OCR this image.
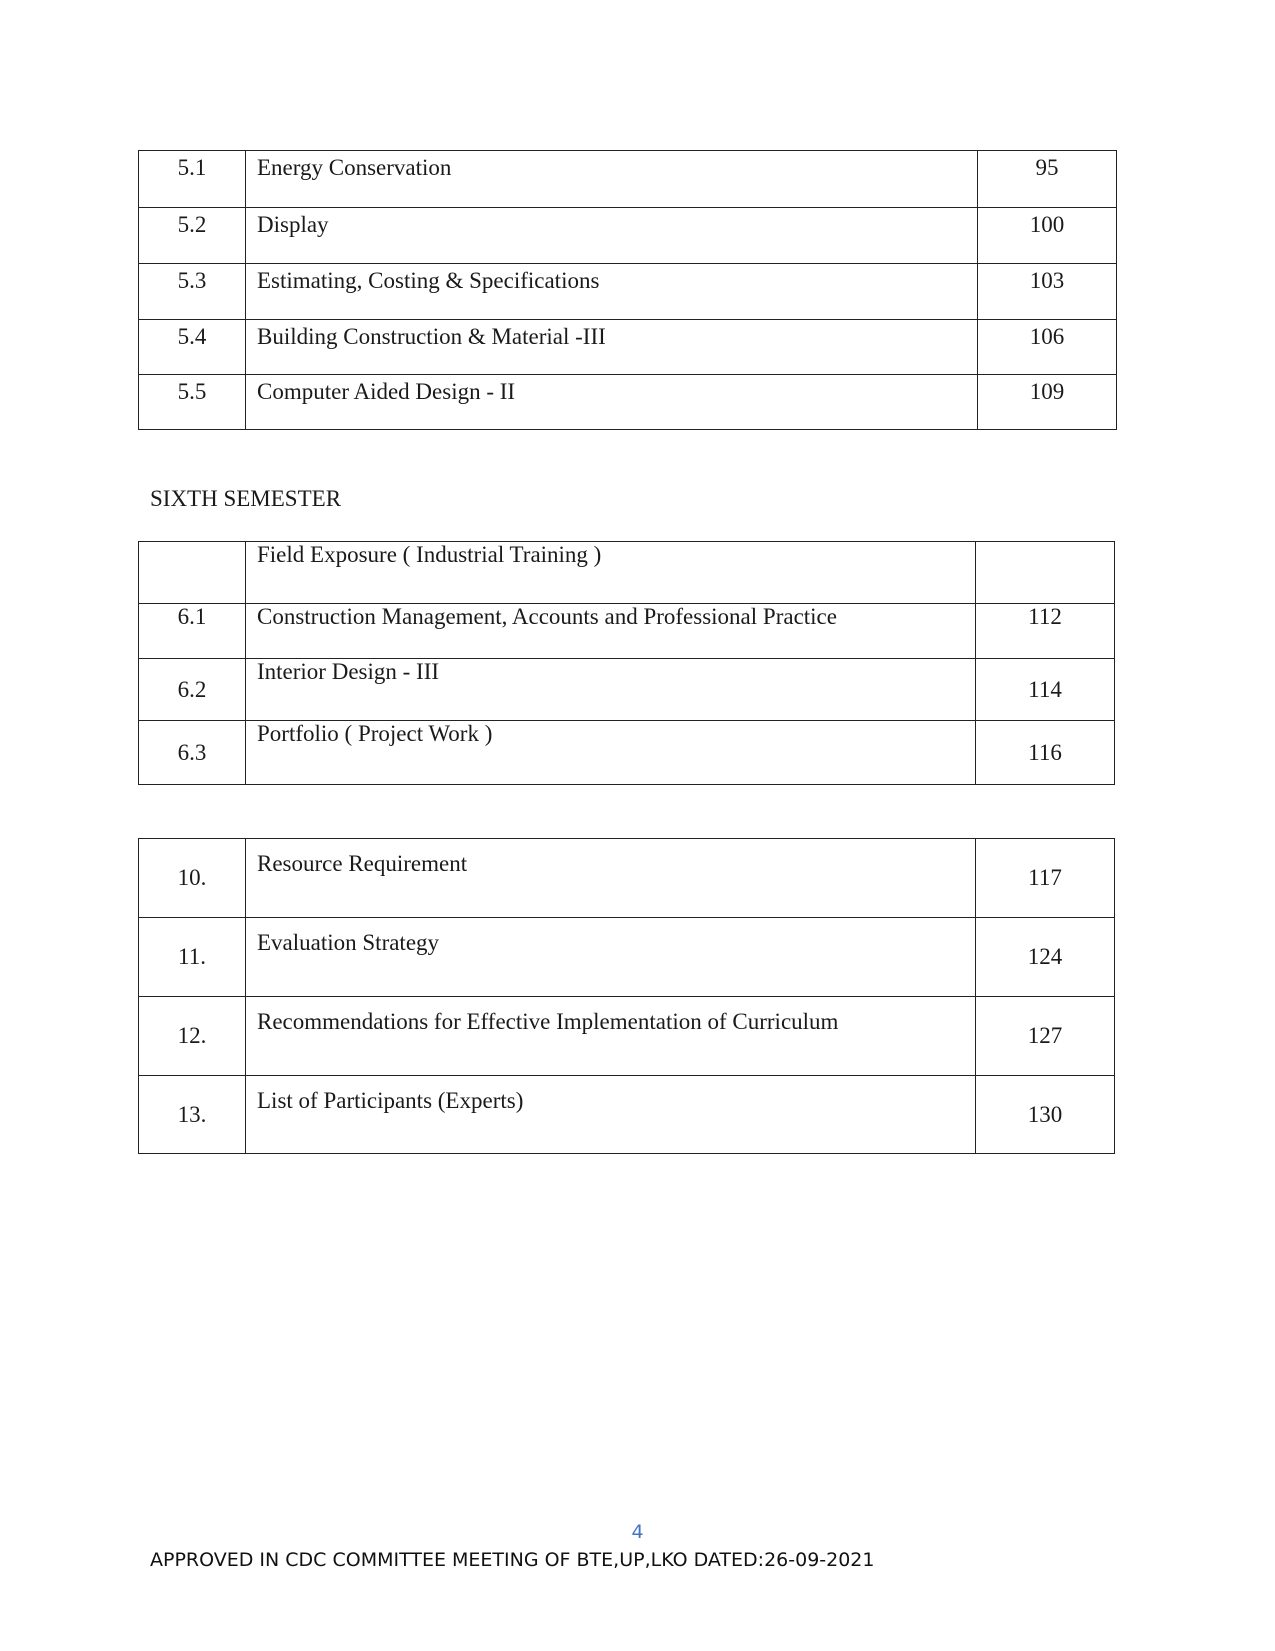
5.1	Energy Conservation	95
5.2	Display	100
5.3	Estimating, Costing & Specifications	103
5.4	Building Construction & Material -III	106
5.5	Computer Aided Design - II	109
SIXTH SEMESTER
	Field Exposure ( Industrial Training )	
6.1	Construction Management, Accounts and Professional Practice	112
6.2	Interior Design - III	114
6.3	Portfolio ( Project Work )	116
10.	Resource Requirement	117
11.	Evaluation Strategy	124
12.	Recommendations for Effective Implementation of Curriculum	127
13.	List of Participants (Experts)	130
4
APPROVED IN CDC COMMITTEE MEETING OF BTE,UP,LKO DATED:26-09-2021
